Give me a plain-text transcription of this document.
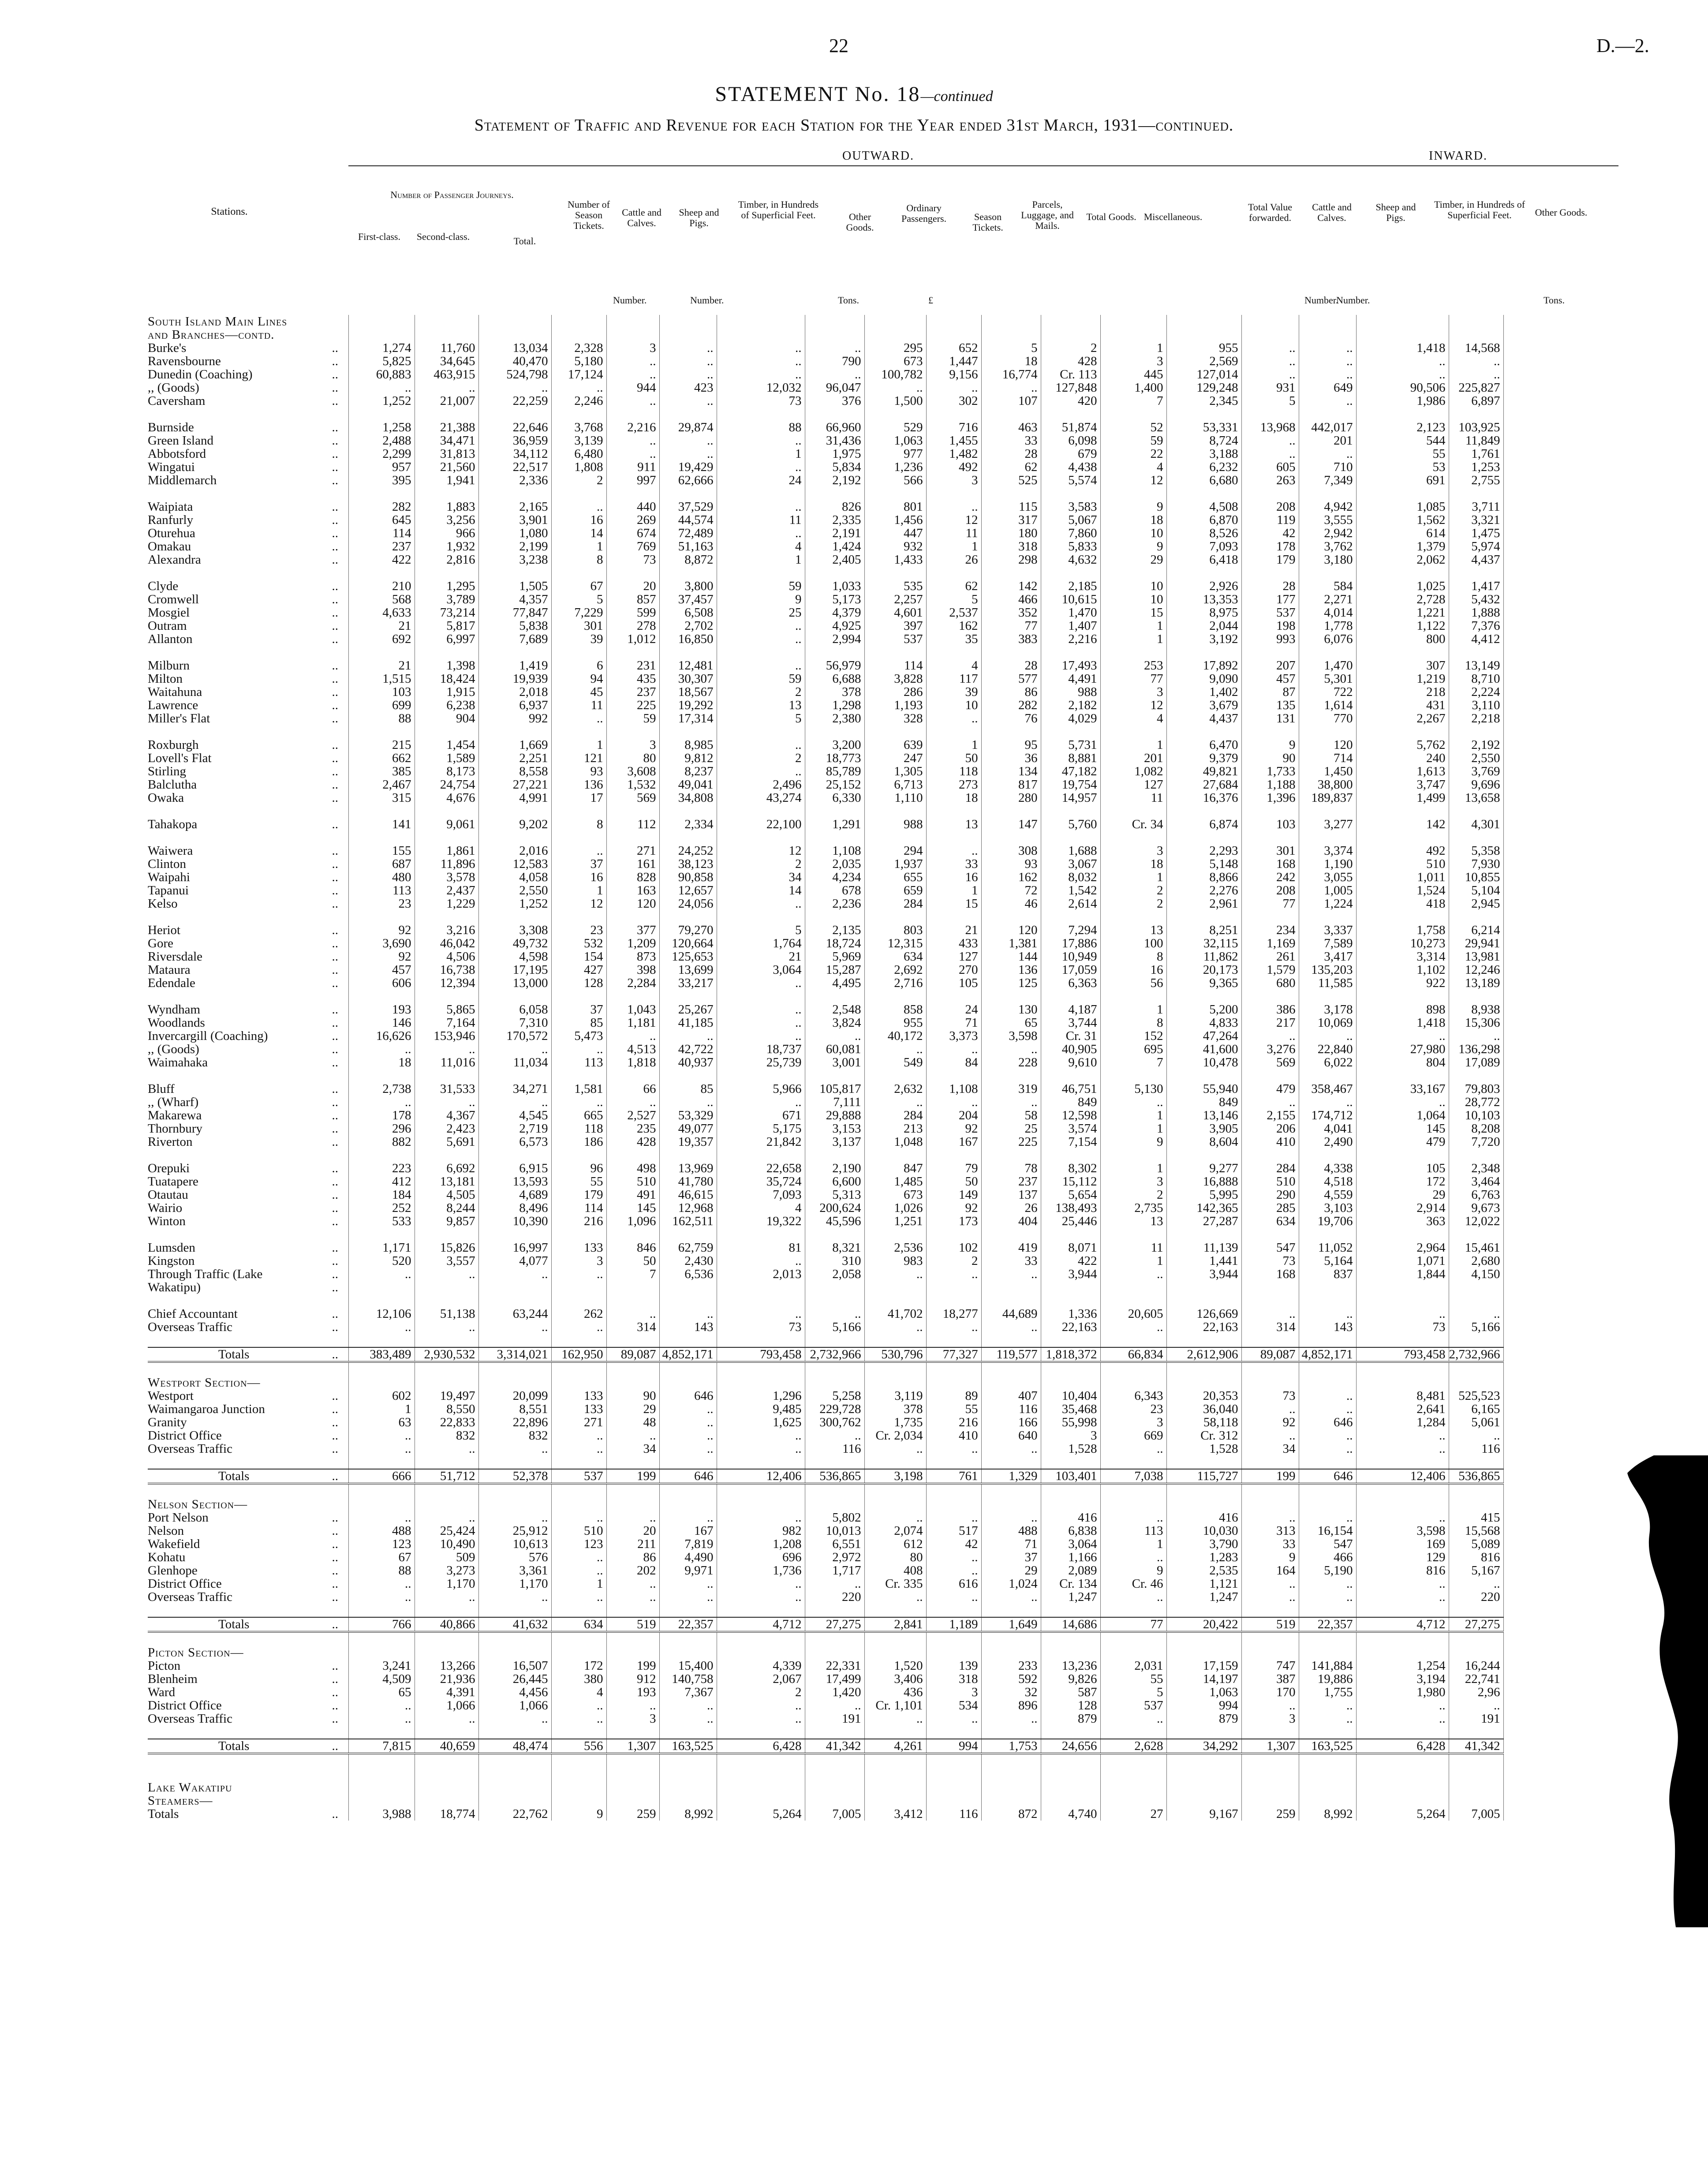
22	D.—2.
STATEMENT No. 18—continued
Statement of Traffic and Revenue for each Station for the Year ended 31st March, 1931—continued.
OUTWARD.	INWARD.
Number of Passenger Journeys.
Stations.
First-class.	Second-class.	Total.
Number of Season Tickets.
Cattle and Calves.
Sheep and Pigs.
Timber, in Hundreds of Superficial Feet.	Other Goods.
Ordinary Passengers.	Season Tickets.
Parcels, Luggage, and Mails.
Total Goods. Miscellaneous.
Total Value forwarded.
Cattle and Calves.
Sheep and Pigs.
Timber, in Hundreds of Superficial Feet.	Other Goods.
Number.	Number.	Tons.	£	Number.
Number.	Tons.
South Island Main Lines																			
and Branches—contd.																			
Burke's	..	1,274	11,760	13,034	2,328	3	..	..	..	295	652	5	2	1	955	..	..	1,418	14,568
Ravensbourne	..	5,825	34,645	40,470	5,180	..	..	..	790	673	1,447	18	428	3	2,569	..	..	..	..
Dunedin (Coaching)	..	60,883	463,915	524,798	17,124	..	..	..	..	100,782	9,156	16,774	Cr. 113	445	127,014	..	..	..	..
,, (Goods)	..	..	..	..	..	944	423	12,032	96,047	..	..	..	127,848	1,400	129,248	931	649	90,506	225,827
Caversham	..	1,252	21,007	22,259	2,246	..	..	73	376	1,500	302	107	420	7	2,345	5	..	1,986	6,897

Burnside	..	1,258	21,388	22,646	3,768	2,216	29,874	88	66,960	529	716	463	51,874	52	53,331	13,968	442,017	2,123	103,925
Green Island	..	2,488	34,471	36,959	3,139	..	..	..	31,436	1,063	1,455	33	6,098	59	8,724	..	201	544	11,849
Abbotsford	..	2,299	31,813	34,112	6,480	..	..	1	1,975	977	1,482	28	679	22	3,188	..	..	55	1,761
Wingatui	..	957	21,560	22,517	1,808	911	19,429	..	5,834	1,236	492	62	4,438	4	6,232	605	710	53	1,253
Middlemarch	..	395	1,941	2,336	2	997	62,666	24	2,192	566	3	525	5,574	12	6,680	263	7,349	691	2,755

Waipiata	..	282	1,883	2,165	..	440	37,529	..	826	801	..	115	3,583	9	4,508	208	4,942	1,085	3,711
Ranfurly	..	645	3,256	3,901	16	269	44,574	11	2,335	1,456	12	317	5,067	18	6,870	119	3,555	1,562	3,321
Oturehua	..	114	966	1,080	14	674	72,489	..	2,191	447	11	180	7,860	10	8,526	42	2,942	614	1,475
Omakau	..	237	1,932	2,199	1	769	51,163	4	1,424	932	1	318	5,833	9	7,093	178	3,762	1,379	5,974
Alexandra	..	422	2,816	3,238	8	73	8,872	1	2,405	1,433	26	298	4,632	29	6,418	179	3,180	2,062	4,437

Clyde	..	210	1,295	1,505	67	20	3,800	59	1,033	535	62	142	2,185	10	2,926	28	584	1,025	1,417
Cromwell	..	568	3,789	4,357	5	857	37,457	9	5,173	2,257	5	466	10,615	10	13,353	177	2,271	2,728	5,432
Mosgiel	..	4,633	73,214	77,847	7,229	599	6,508	25	4,379	4,601	2,537	352	1,470	15	8,975	537	4,014	1,221	1,888
Outram	..	21	5,817	5,838	301	278	2,702	..	4,925	397	162	77	1,407	1	2,044	198	1,778	1,122	7,376
Allanton	..	692	6,997	7,689	39	1,012	16,850	..	2,994	537	35	383	2,216	1	3,192	993	6,076	800	4,412

Milburn	..	21	1,398	1,419	6	231	12,481	..	56,979	114	4	28	17,493	253	17,892	207	1,470	307	13,149
Milton	..	1,515	18,424	19,939	94	435	30,307	59	6,688	3,828	117	577	4,491	77	9,090	457	5,301	1,219	8,710
Waitahuna	..	103	1,915	2,018	45	237	18,567	2	378	286	39	86	988	3	1,402	87	722	218	2,224
Lawrence	..	699	6,238	6,937	11	225	19,292	13	1,298	1,193	10	282	2,182	12	3,679	135	1,614	431	3,110
Miller's Flat	..	88	904	992	..	59	17,314	5	2,380	328	..	76	4,029	4	4,437	131	770	2,267	2,218

Roxburgh	..	215	1,454	1,669	1	3	8,985	..	3,200	639	1	95	5,731	1	6,470	9	120	5,762	2,192
Lovell's Flat	..	662	1,589	2,251	121	80	9,812	2	18,773	247	50	36	8,881	201	9,379	90	714	240	2,550
Stirling	..	385	8,173	8,558	93	3,608	8,237	..	85,789	1,305	118	134	47,182	1,082	49,821	1,733	1,450	1,613	3,769
Balclutha	..	2,467	24,754	27,221	136	1,532	49,041	2,496	25,152	6,713	273	817	19,754	127	27,684	1,188	38,800	3,747	9,696
Owaka	..	315	4,676	4,991	17	569	34,808	43,274	6,330	1,110	18	280	14,957	11	16,376	1,396	189,837	1,499	13,658

Tahakopa	..	141	9,061	9,202	8	112	2,334	22,100	1,291	988	13	147	5,760	Cr. 34	6,874	103	3,277	142	4,301

Waiwera	..	155	1,861	2,016	..	271	24,252	12	1,108	294	..	308	1,688	3	2,293	301	3,374	492	5,358
Clinton	..	687	11,896	12,583	37	161	38,123	2	2,035	1,937	33	93	3,067	18	5,148	168	1,190	510	7,930
Waipahi	..	480	3,578	4,058	16	828	90,858	34	4,234	655	16	162	8,032	1	8,866	242	3,055	1,011	10,855
Tapanui	..	113	2,437	2,550	1	163	12,657	14	678	659	1	72	1,542	2	2,276	208	1,005	1,524	5,104
Kelso	..	23	1,229	1,252	12	120	24,056	..	2,236	284	15	46	2,614	2	2,961	77	1,224	418	2,945

Heriot	..	92	3,216	3,308	23	377	79,270	5	2,135	803	21	120	7,294	13	8,251	234	3,337	1,758	6,214
Gore	..	3,690	46,042	49,732	532	1,209	120,664	1,764	18,724	12,315	433	1,381	17,886	100	32,115	1,169	7,589	10,273	29,941
Riversdale	..	92	4,506	4,598	154	873	125,653	21	5,969	634	127	144	10,949	8	11,862	261	3,417	3,314	13,981
Mataura	..	457	16,738	17,195	427	398	13,699	3,064	15,287	2,692	270	136	17,059	16	20,173	1,579	135,203	1,102	12,246
Edendale	..	606	12,394	13,000	128	2,284	33,217	..	4,495	2,716	105	125	6,363	56	9,365	680	11,585	922	13,189

Wyndham	..	193	5,865	6,058	37	1,043	25,267	..	2,548	858	24	130	4,187	1	5,200	386	3,178	898	8,938
Woodlands	..	146	7,164	7,310	85	1,181	41,185	..	3,824	955	71	65	3,744	8	4,833	217	10,069	1,418	15,306
Invercargill (Coaching)	..	16,626	153,946	170,572	5,473	..	..	..	..	40,172	3,373	3,598	Cr. 31	152	47,264	..	..	..	..
,, (Goods)	..	..	..	..	..	4,513	42,722	18,737	60,081	..	..	..	40,905	695	41,600	3,276	22,840	27,980	136,298
Waimahaka	..	18	11,016	11,034	113	1,818	40,937	25,739	3,001	549	84	228	9,610	7	10,478	569	6,022	804	17,089

Bluff	..	2,738	31,533	34,271	1,581	66	85	5,966	105,817	2,632	1,108	319	46,751	5,130	55,940	479	358,467	33,167	79,803
,, (Wharf)	..	..	..	..	..	..	..	..	7,111	..	..	..	849	..	849	..	..	..	28,772
Makarewa	..	178	4,367	4,545	665	2,527	53,329	671	29,888	284	204	58	12,598	1	13,146	2,155	174,712	1,064	10,103
Thornbury	..	296	2,423	2,719	118	235	49,077	5,175	3,153	213	92	25	3,574	1	3,905	206	4,041	145	8,208
Riverton	..	882	5,691	6,573	186	428	19,357	21,842	3,137	1,048	167	225	7,154	9	8,604	410	2,490	479	7,720

Orepuki	..	223	6,692	6,915	96	498	13,969	22,658	2,190	847	79	78	8,302	1	9,277	284	4,338	105	2,348
Tuatapere	..	412	13,181	13,593	55	510	41,780	35,724	6,600	1,485	50	237	15,112	3	16,888	510	4,518	172	3,464
Otautau	..	184	4,505	4,689	179	491	46,615	7,093	5,313	673	149	137	5,654	2	5,995	290	4,559	29	6,763
Wairio	..	252	8,244	8,496	114	145	12,968	4	200,624	1,026	92	26	138,493	2,735	142,365	285	3,103	2,914	9,673
Winton	..	533	9,857	10,390	216	1,096	162,511	19,322	45,596	1,251	173	404	25,446	13	27,287	634	19,706	363	12,022

Lumsden	..	1,171	15,826	16,997	133	846	62,759	81	8,321	2,536	102	419	8,071	11	11,139	547	11,052	2,964	15,461
Kingston	..	520	3,557	4,077	3	50	2,430	..	310	983	2	33	422	1	1,441	73	5,164	1,071	2,680
Through Traffic (Lake	..	..	..	..	..	7	6,536	2,013	2,058	..	..	..	3,944	..	3,944	168	837	1,844	4,150
Wakatipu)	..																		

Chief Accountant	..	12,106	51,138	63,244	262	..	..	..	..	41,702	18,277	44,689	1,336	20,605	126,669	..	..	..	..
Overseas Traffic	..	..	..	..	..	314	143	73	5,166	..	..	..	22,163	..	22,163	314	143	73	5,166

Totals	..	383,489	2,930,532	3,314,021	162,950	89,087	4,852,171	793,458	2,732,966	530,796	77,327	119,577	1,818,372	66,834	2,612,906	89,087	4,852,171	793,458	2,732,966

Westport Section—																			
Westport	..	602	19,497	20,099	133	90	646	1,296	5,258	3,119	89	407	10,404	6,343	20,353	73	..	8,481	525,523
Waimangaroa Junction	..	1	8,550	8,551	133	29	..	9,485	229,728	378	55	116	35,468	23	36,040	..	..	2,641	6,165
Granity	..	63	22,833	22,896	271	48	..	1,625	300,762	1,735	216	166	55,998	3	58,118	92	646	1,284	5,061
District Office	..	..	832	832	..	..	..	..	..	Cr. 2,034	410	640	3	669	Cr. 312	..	..	..	..
Overseas Traffic	..	..	..	..	..	34	..	..	116	..	..	..	1,528	..	1,528	34	..	..	116

Totals	..	666	51,712	52,378	537	199	646	12,406	536,865	3,198	761	1,329	103,401	7,038	115,727	199	646	12,406	536,865

Nelson Section—																			
Port Nelson	..	..	..	..	..	..	..	..	5,802	..	..	..	416	..	416	..	..	..	415
Nelson	..	488	25,424	25,912	510	20	167	982	10,013	2,074	517	488	6,838	113	10,030	313	16,154	3,598	15,568
Wakefield	..	123	10,490	10,613	123	211	7,819	1,208	6,551	612	42	71	3,064	1	3,790	33	547	169	5,089
Kohatu	..	67	509	576	..	86	4,490	696	2,972	80	..	37	1,166	..	1,283	9	466	129	816
Glenhope	..	88	3,273	3,361	..	202	9,971	1,736	1,717	408	..	29	2,089	9	2,535	164	5,190	816	5,167
District Office	..	..	1,170	1,170	1	..	..	..	..	Cr. 335	616	1,024	Cr. 134	Cr. 46	1,121	..	..	..	..
Overseas Traffic	..	..	..	..	..	..	..	..	220	..	..	..	1,247	..	1,247	..	..	..	220

Totals	..	766	40,866	41,632	634	519	22,357	4,712	27,275	2,841	1,189	1,649	14,686	77	20,422	519	22,357	4,712	27,275

Picton Section—																			
Picton	..	3,241	13,266	16,507	172	199	15,400	4,339	22,331	1,520	139	233	13,236	2,031	17,159	747	141,884	1,254	16,244
Blenheim	..	4,509	21,936	26,445	380	912	140,758	2,067	17,499	3,406	318	592	9,826	55	14,197	387	19,886	3,194	22,741
Ward	..	65	4,391	4,456	4	193	7,367	2	1,420	436	3	32	587	5	1,063	170	1,755	1,980	2,96
District Office	..	..	1,066	1,066	..	..	..	..	..	Cr. 1,101	534	896	128	537	994	..	..	..	..
Overseas Traffic	..	..	..	..	..	3	..	..	191	..	..	..	879	..	879	3	..	..	191

Totals	..	7,815	40,659	48,474	556	1,307	163,525	6,428	41,342	4,261	994	1,753	24,656	2,628	34,292	1,307	163,525	6,428	41,342

Lake Wakatipu																			
Steamers—																			
Totals	..	3,988	18,774	22,762	9	259	8,992	5,264	7,005	3,412	116	872	4,740	27	9,167	259	8,992	5,264	7,005
